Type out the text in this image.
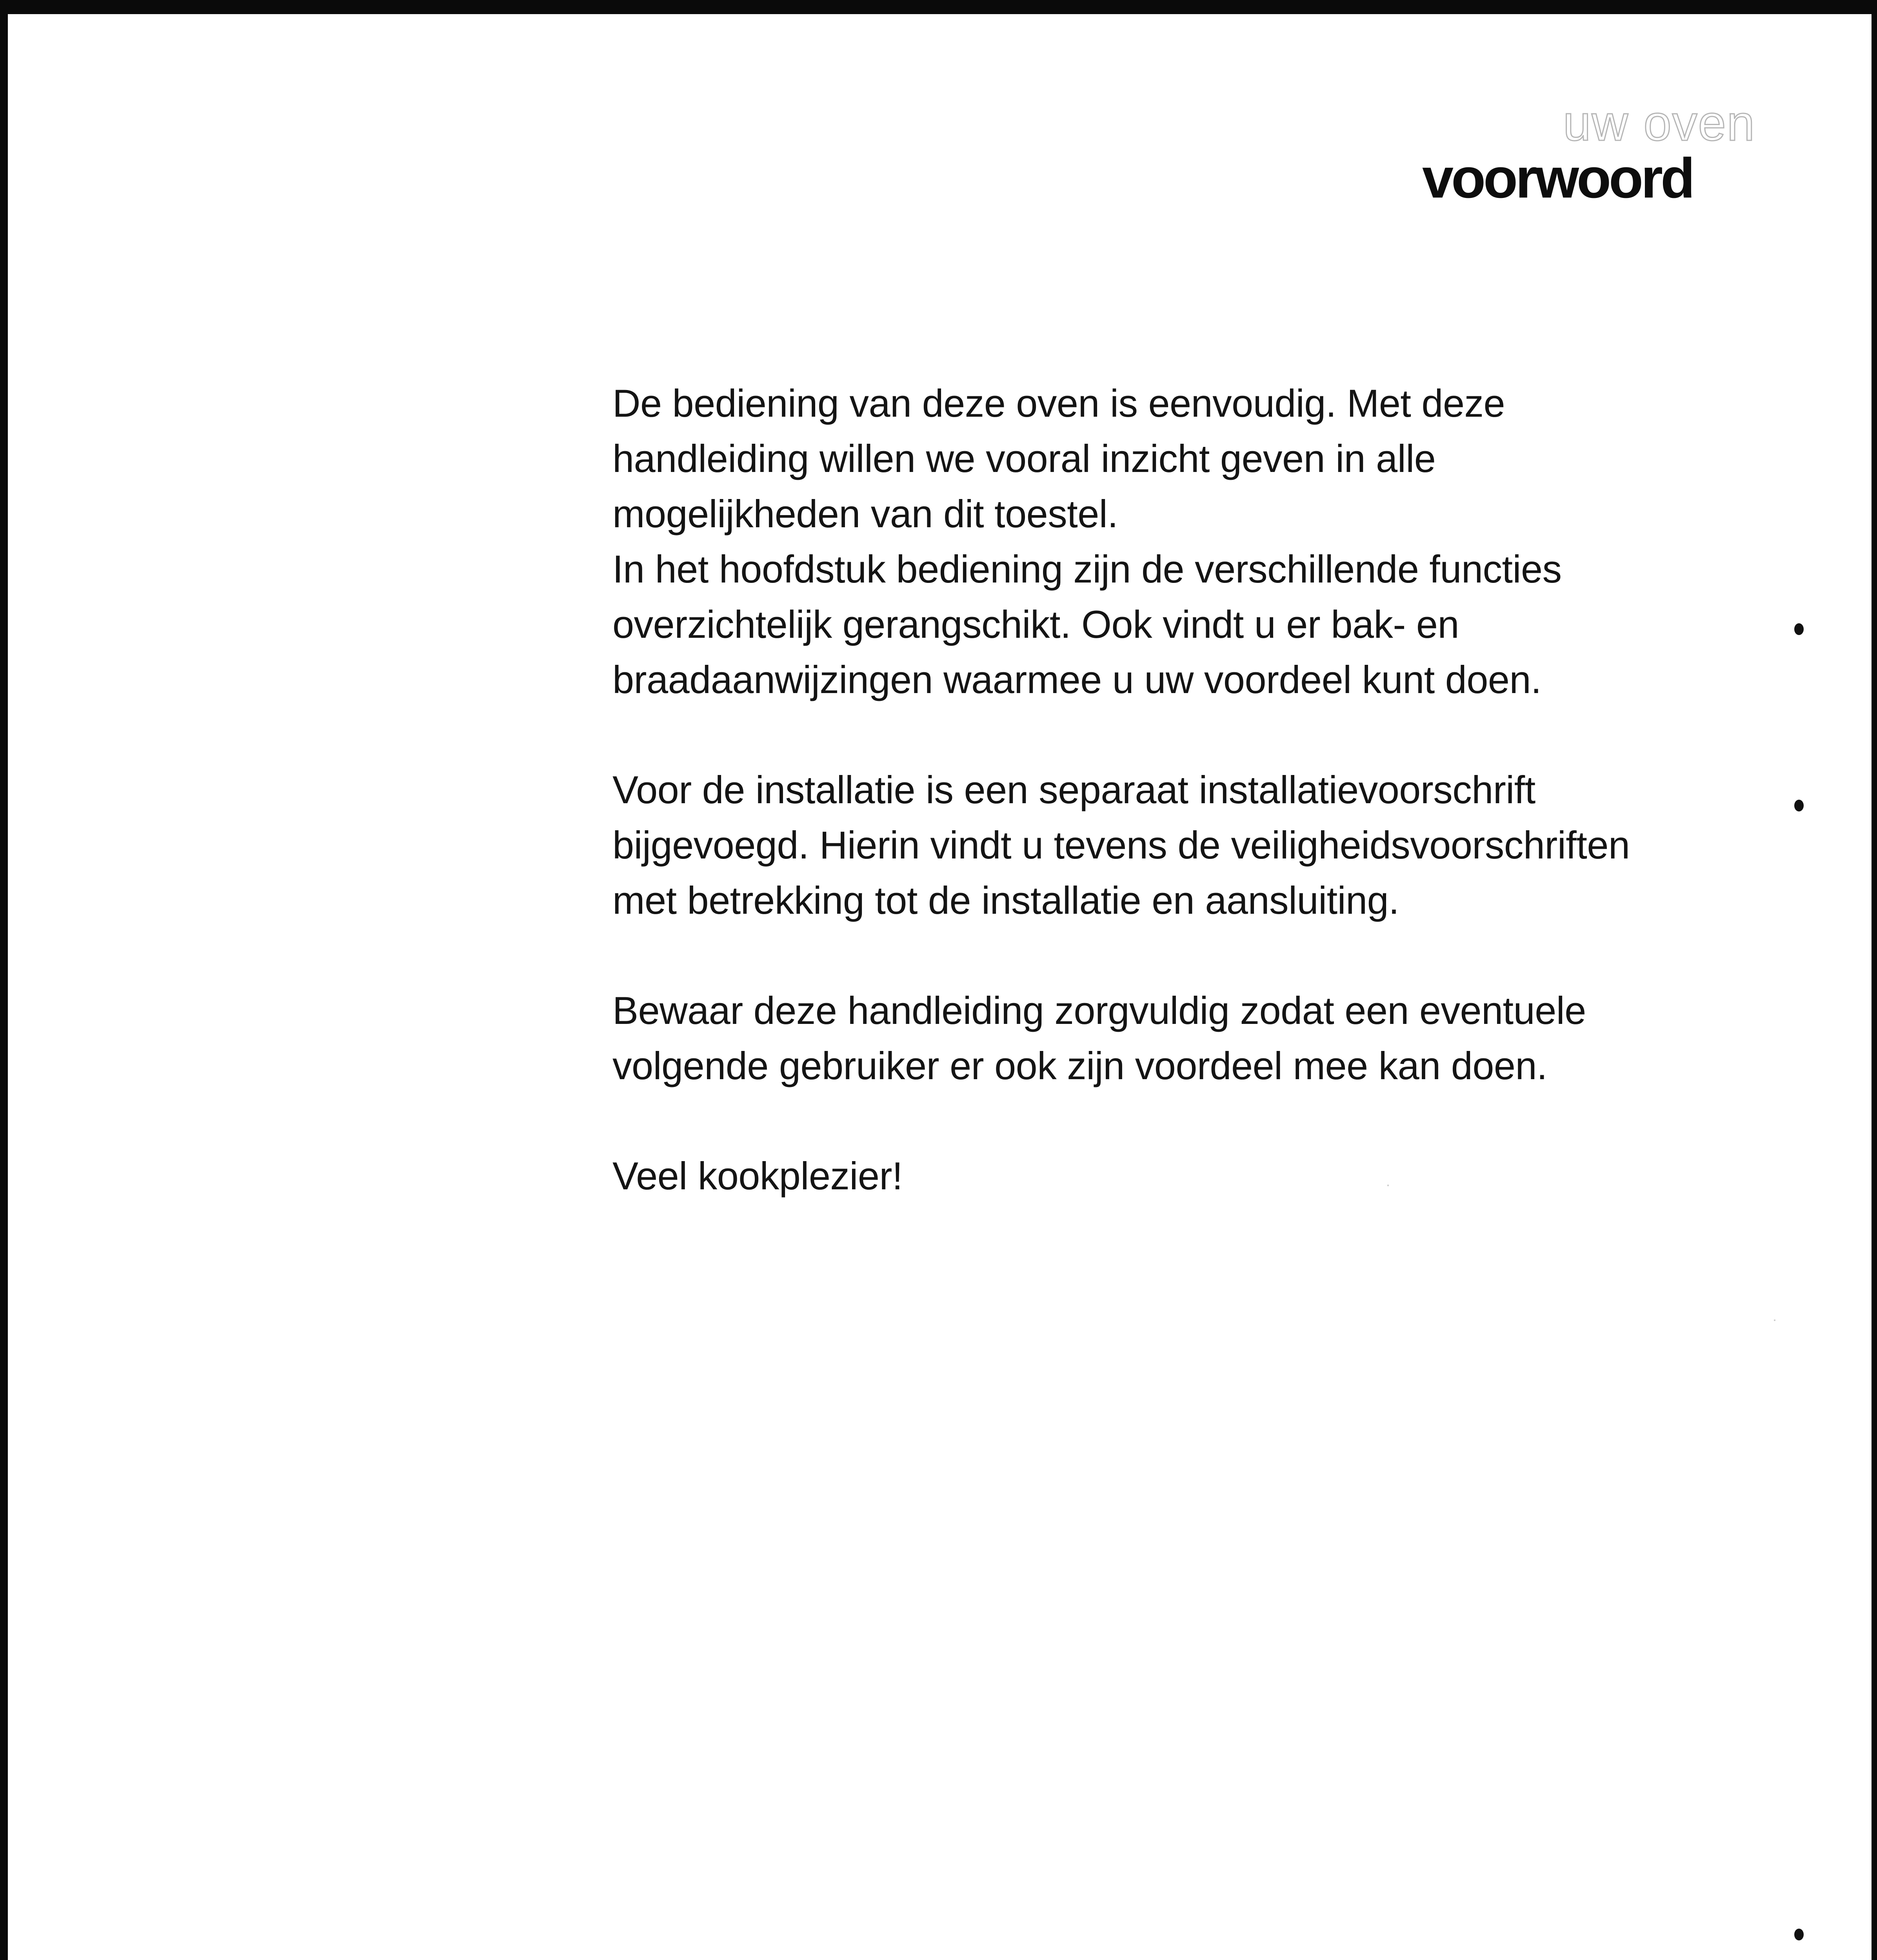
uw oven
voorwoord

De bediening van deze oven is eenvoudig. Met deze
handleiding willen we vooral inzicht geven in alle
mogelijkheden van dit toestel.
In het hoofdstuk bediening zijn de verschillende functies
overzichtelijk gerangschikt. Ook vindt u er bak- en
braadaanwijzingen waarmee u uw voordeel kunt doen.

Voor de installatie is een separaat installatievoorschrift
bijgevoegd. Hierin vindt u tevens de veiligheidsvoorschriften
met betrekking tot de installatie en aansluiting.

Bewaar deze handleiding zorgvuldig zodat een eventuele
volgende gebruiker er ook zijn voordeel mee kan doen.

Veel kookplezier!
